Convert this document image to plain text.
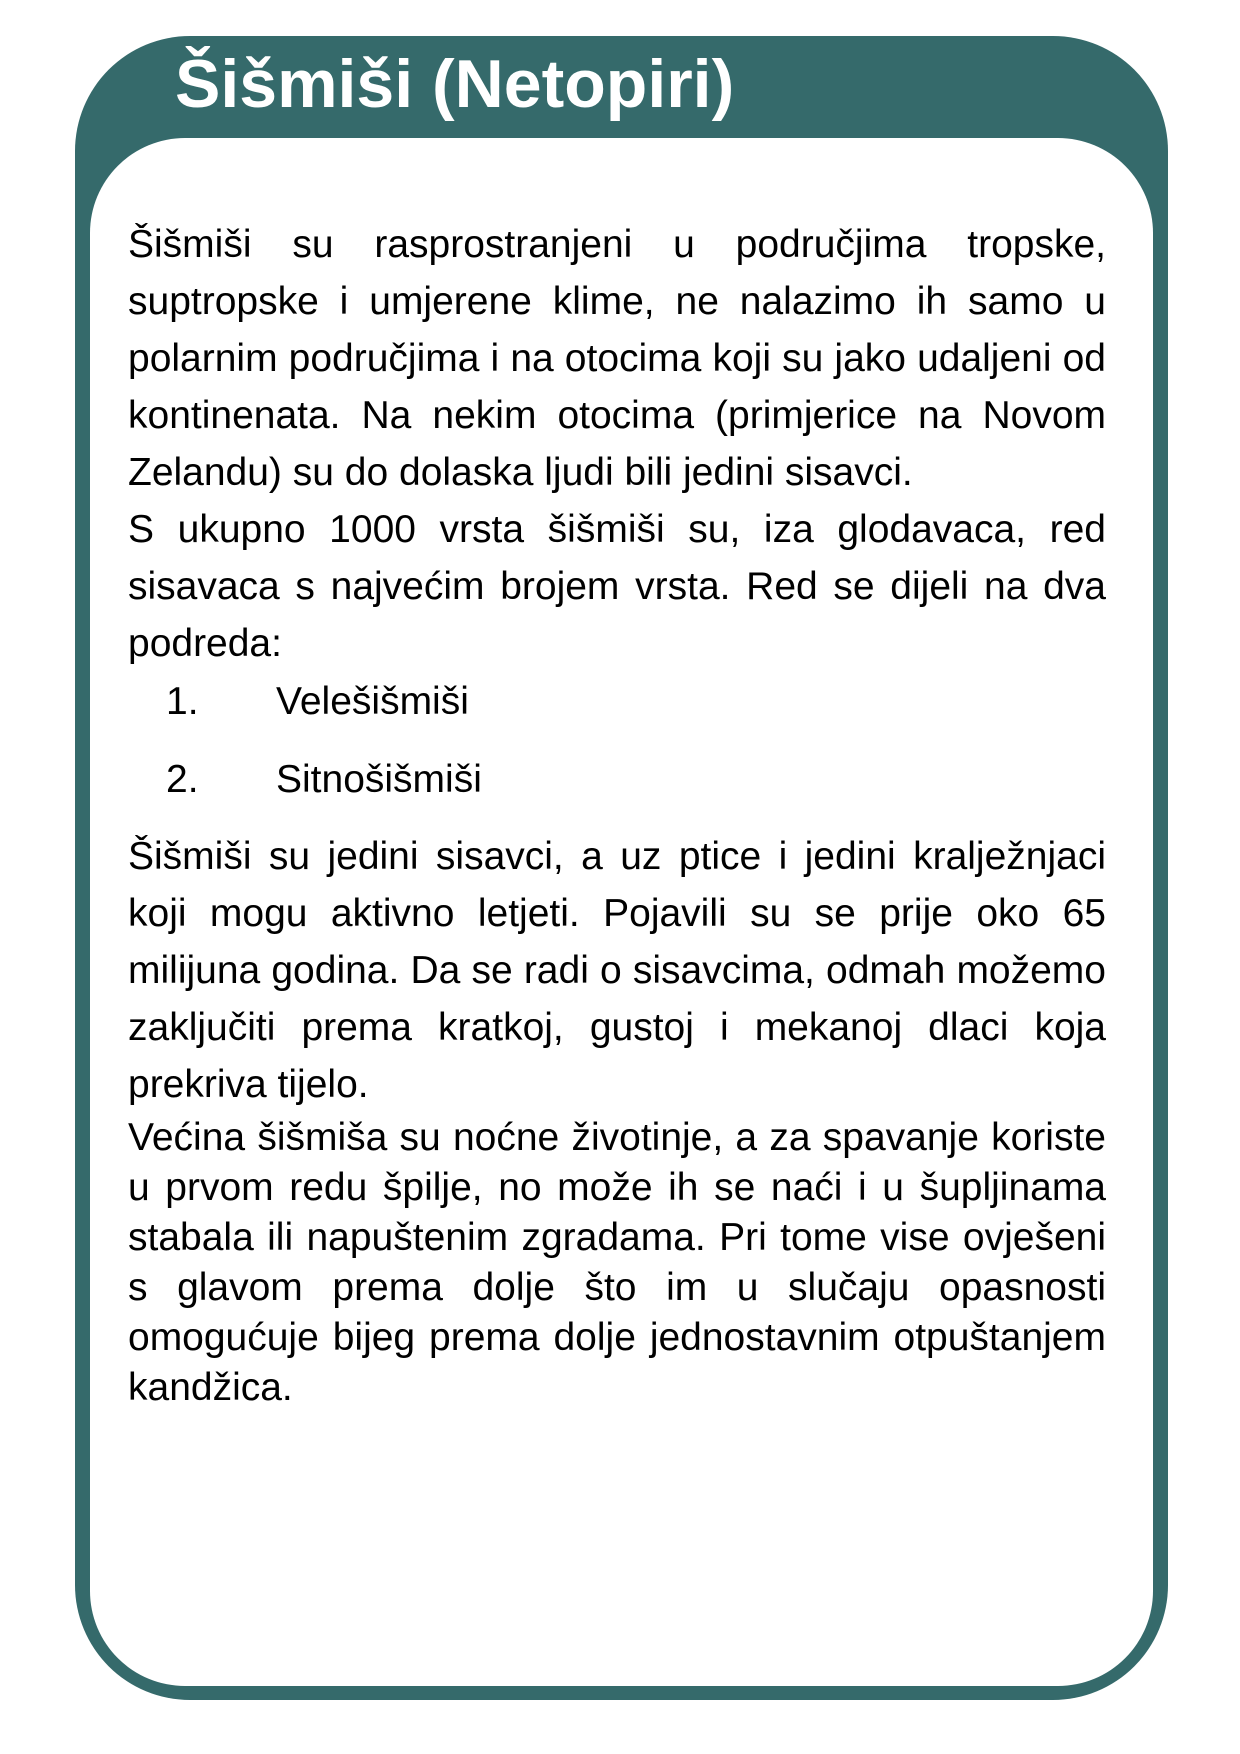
Šišmiši (Netopiri)

Šišmiši su rasprostranjeni u područjima tropske, suptropske i umjerene klime, ne nalazimo ih samo u polarnim područjima i na otocima koji su jako udaljeni od kontinenata. Na nekim otocima (primjerice na Novom Zelandu) su do dolaska ljudi bili jedini sisavci.

S ukupno 1000 vrsta šišmiši su, iza glodavaca, red sisavaca s najvećim brojem vrsta. Red se dijeli na dva podreda:

1. Velešišmiši
2. Sitnošišmiši

Šišmiši su jedini sisavci, a uz ptice i jedini kralježnjaci koji mogu aktivno letjeti. Pojavili su se prije oko 65 milijuna godina. Da se radi o sisavcima, odmah možemo zaključiti prema kratkoj, gustoj i mekanoj dlaci koja prekriva tijelo.

Većina šišmiša su noćne životinje, a za spavanje koriste u prvom redu špilje, no može ih se naći i u šupljinama stabala ili napuštenim zgradama. Pri tome vise ovješeni s glavom prema dolje što im u slučaju opasnosti omogućuje bijeg prema dolje jednostavnim otpuštanjem kandžica.
